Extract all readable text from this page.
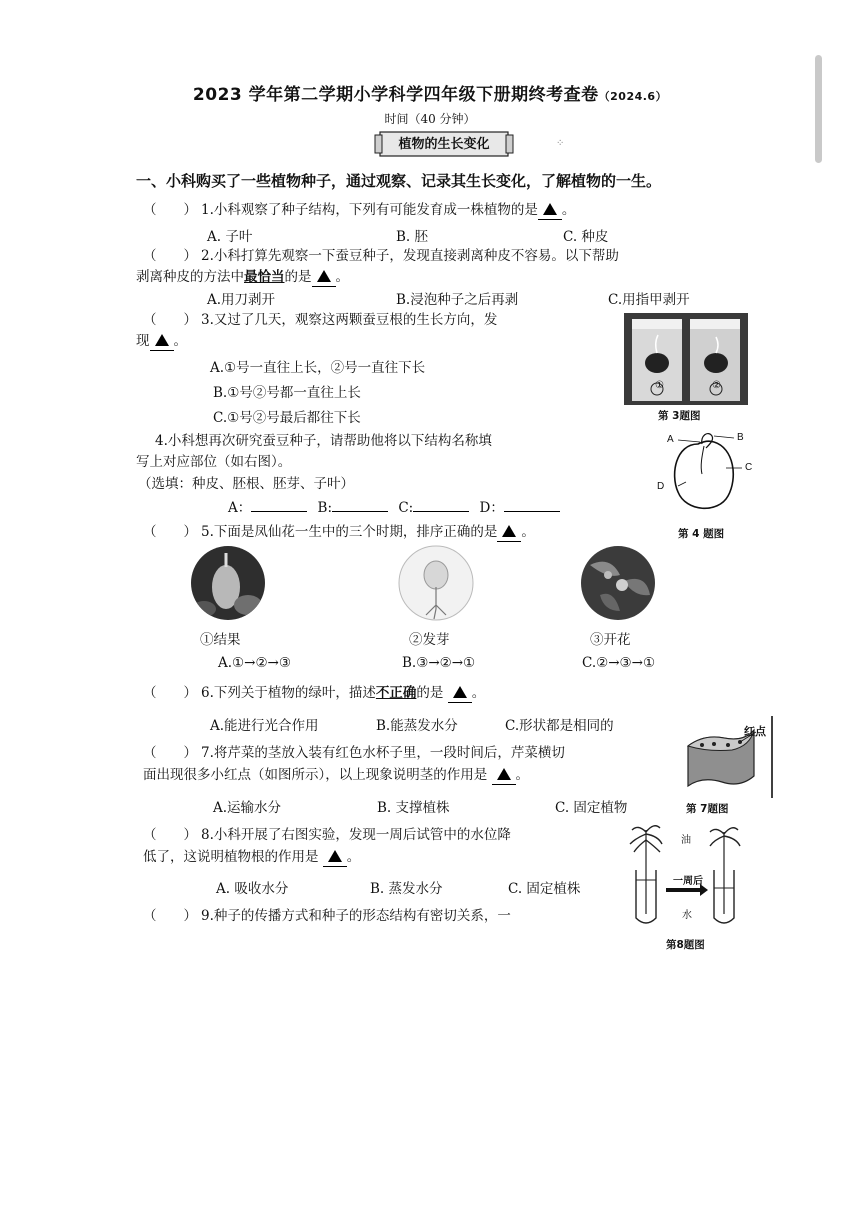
2023 学年第二学期小学科学四年级下册期终考查卷（2024.6）
时间（40 分钟）
植物的生长变化	⁘
一、小科购买了一些植物种子，通过观察、记录其生长变化，了解植物的一生。
（　　） 1.小科观察了种子结构，下列有可能发育成一株植物的是 。
A. 子叶	B. 胚	C. 种皮
（　　） 2.小科打算先观察一下蚕豆种子，发现直接剥离种皮不容易。以下帮助
剥离种皮的方法中最恰当的是 。
A.用刀剥开	B.浸泡种子之后再剥	C.用指甲剥开
（　　） 3.又过了几天，观察这两颗蚕豆根的生长方向，发
现 。
A.①号一直往上长，②号一直往下长
B.①号②号都一直往上长
C.①号②号最后都往下长
①	②
第 3题图
4.小科想再次研究蚕豆种子，请帮助他将以下结构名称填
写上对应部位（如右图）。
（选填：种皮、胚根、胚芽、子叶）
A：	B:	C:	D：
A	B
C
D
第 4 题图
（　　） 5.下面是凤仙花一生中的三个时期，排序正确的是 。
①结果	②发芽	③开花
A.①→②→③	B.③→②→①	C.②→③→①
（　　） 6.下列关于植物的绿叶，描述不正确的是 。
A.能进行光合作用	B.能蒸发水分	C.形状都是相同的
（　　） 7.将芹菜的茎放入装有红色水杯子里，一段时间后，芹菜横切
面出现很多小红点（如图所示），以上现象说明茎的作用是 。
A.运输水分	B. 支撑植株	C. 固定植物
红点
第 7题图
（　　） 8.小科开展了右图实验，发现一周后试管中的水位降
低了，这说明植物根的作用是 。
A. 吸收水分	B. 蒸发水分	C. 固定植株
油
一周后
水
第8题图
（　　） 9.种子的传播方式和种子的形态结构有密切关系，一
